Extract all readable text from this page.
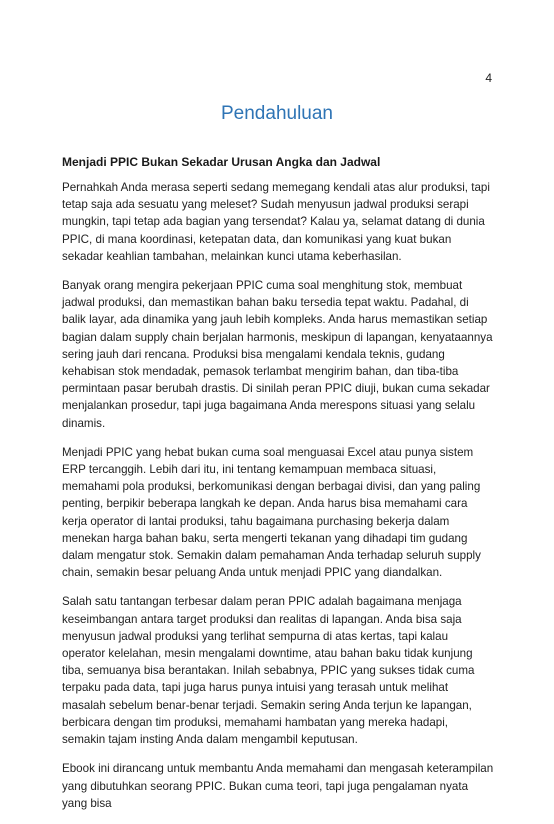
4
Pendahuluan
Menjadi PPIC Bukan Sekadar Urusan Angka dan Jadwal

Pernahkah Anda merasa seperti sedang memegang kendali atas alur produksi, tapi tetap saja ada sesuatu yang meleset? Sudah menyusun jadwal produksi serapi mungkin, tapi tetap ada bagian yang tersendat? Kalau ya, selamat datang di dunia PPIC, di mana koordinasi, ketepatan data, dan komunikasi yang kuat bukan sekadar keahlian tambahan, melainkan kunci utama keberhasilan.

Banyak orang mengira pekerjaan PPIC cuma soal menghitung stok, membuat jadwal produksi, dan memastikan bahan baku tersedia tepat waktu. Padahal, di balik layar, ada dinamika yang jauh lebih kompleks. Anda harus memastikan setiap bagian dalam supply chain berjalan harmonis, meskipun di lapangan, kenyataannya sering jauh dari rencana. Produksi bisa mengalami kendala teknis, gudang kehabisan stok mendadak, pemasok terlambat mengirim bahan, dan tiba-tiba permintaan pasar berubah drastis. Di sinilah peran PPIC diuji, bukan cuma sekadar menjalankan prosedur, tapi juga bagaimana Anda merespons situasi yang selalu dinamis.

Menjadi PPIC yang hebat bukan cuma soal menguasai Excel atau punya sistem ERP tercanggih. Lebih dari itu, ini tentang kemampuan membaca situasi, memahami pola produksi, berkomunikasi dengan berbagai divisi, dan yang paling penting, berpikir beberapa langkah ke depan. Anda harus bisa memahami cara kerja operator di lantai produksi, tahu bagaimana purchasing bekerja dalam menekan harga bahan baku, serta mengerti tekanan yang dihadapi tim gudang dalam mengatur stok. Semakin dalam pemahaman Anda terhadap seluruh supply chain, semakin besar peluang Anda untuk menjadi PPIC yang diandalkan.

Salah satu tantangan terbesar dalam peran PPIC adalah bagaimana menjaga keseimbangan antara target produksi dan realitas di lapangan. Anda bisa saja menyusun jadwal produksi yang terlihat sempurna di atas kertas, tapi kalau operator kelelahan, mesin mengalami downtime, atau bahan baku tidak kunjung tiba, semuanya bisa berantakan. Inilah sebabnya, PPIC yang sukses tidak cuma terpaku pada data, tapi juga harus punya intuisi yang terasah untuk melihat masalah sebelum benar-benar terjadi. Semakin sering Anda terjun ke lapangan, berbicara dengan tim produksi, memahami hambatan yang mereka hadapi, semakin tajam insting Anda dalam mengambil keputusan.

Ebook ini dirancang untuk membantu Anda memahami dan mengasah keterampilan yang dibutuhkan seorang PPIC. Bukan cuma teori, tapi juga pengalaman nyata yang bisa
